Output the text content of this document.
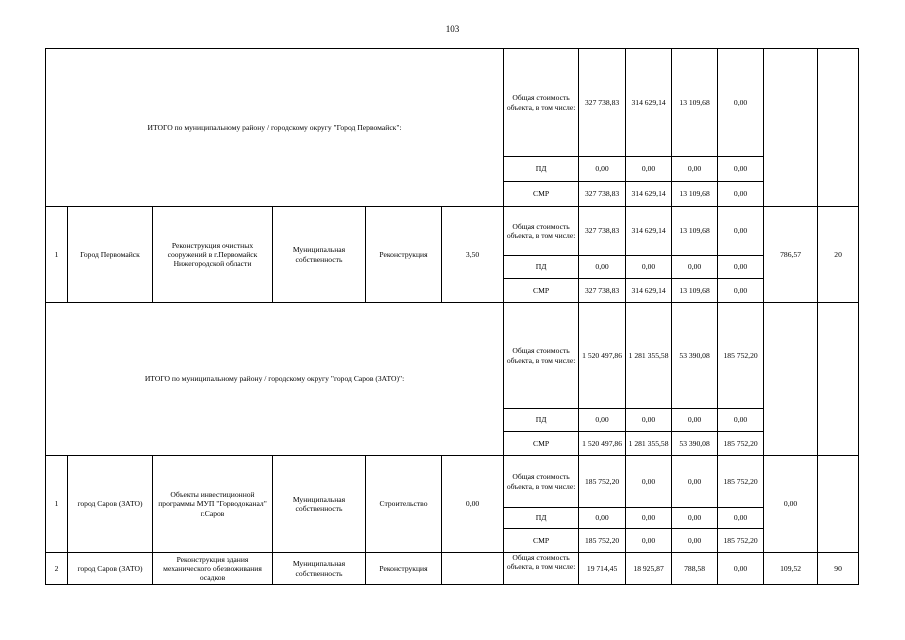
103
ИТОГО по муниципальному району / городскому округу "Город Первомайск":						Общая стоимость объекта, в том числе:	327 738,83	314 629,14	13 109,68	0,00		
						ПД	0,00	0,00	0,00	0,00		
						СМР	327 738,83	314 629,14	13 109,68	0,00		
1	Город Первомайск	Реконструкция очистных сооружений в г.Первомайск Нижегородской области	Муниципальная собственность	Реконструкция	3,50	Общая стоимость объекта, в том числе:	327 738,83	314 629,14	13 109,68	0,00	786,57	20
						ПД	0,00	0,00	0,00	0,00		
						СМР	327 738,83	314 629,14	13 109,68	0,00		
ИТОГО по муниципальному району / городскому округу "город Саров (ЗАТО)":						Общая стоимость объекта, в том числе:	1 520 497,86	1 281 355,58	53 390,08	185 752,20		
						ПД	0,00	0,00	0,00	0,00		
						СМР	1 520 497,86	1 281 355,58	53 390,08	185 752,20		
1	город Саров (ЗАТО)	Объекты инвестиционной программы МУП "Горводоканал" г.Саров	Муниципальная собственность	Строительство	0,00	Общая стоимость объекта, в том числе:	185 752,20	0,00	0,00	185 752,20	0,00	
						ПД	0,00	0,00	0,00	0,00		
						СМР	185 752,20	0,00	0,00	185 752,20		
2	город Саров (ЗАТО)	Реконструкция здания механического обезвоживания осадков	Муниципальная собственность	Реконструкция		Общая стоимость объекта, в том числе:	19 714,45	18 925,87	788,58	0,00	109,52	90
